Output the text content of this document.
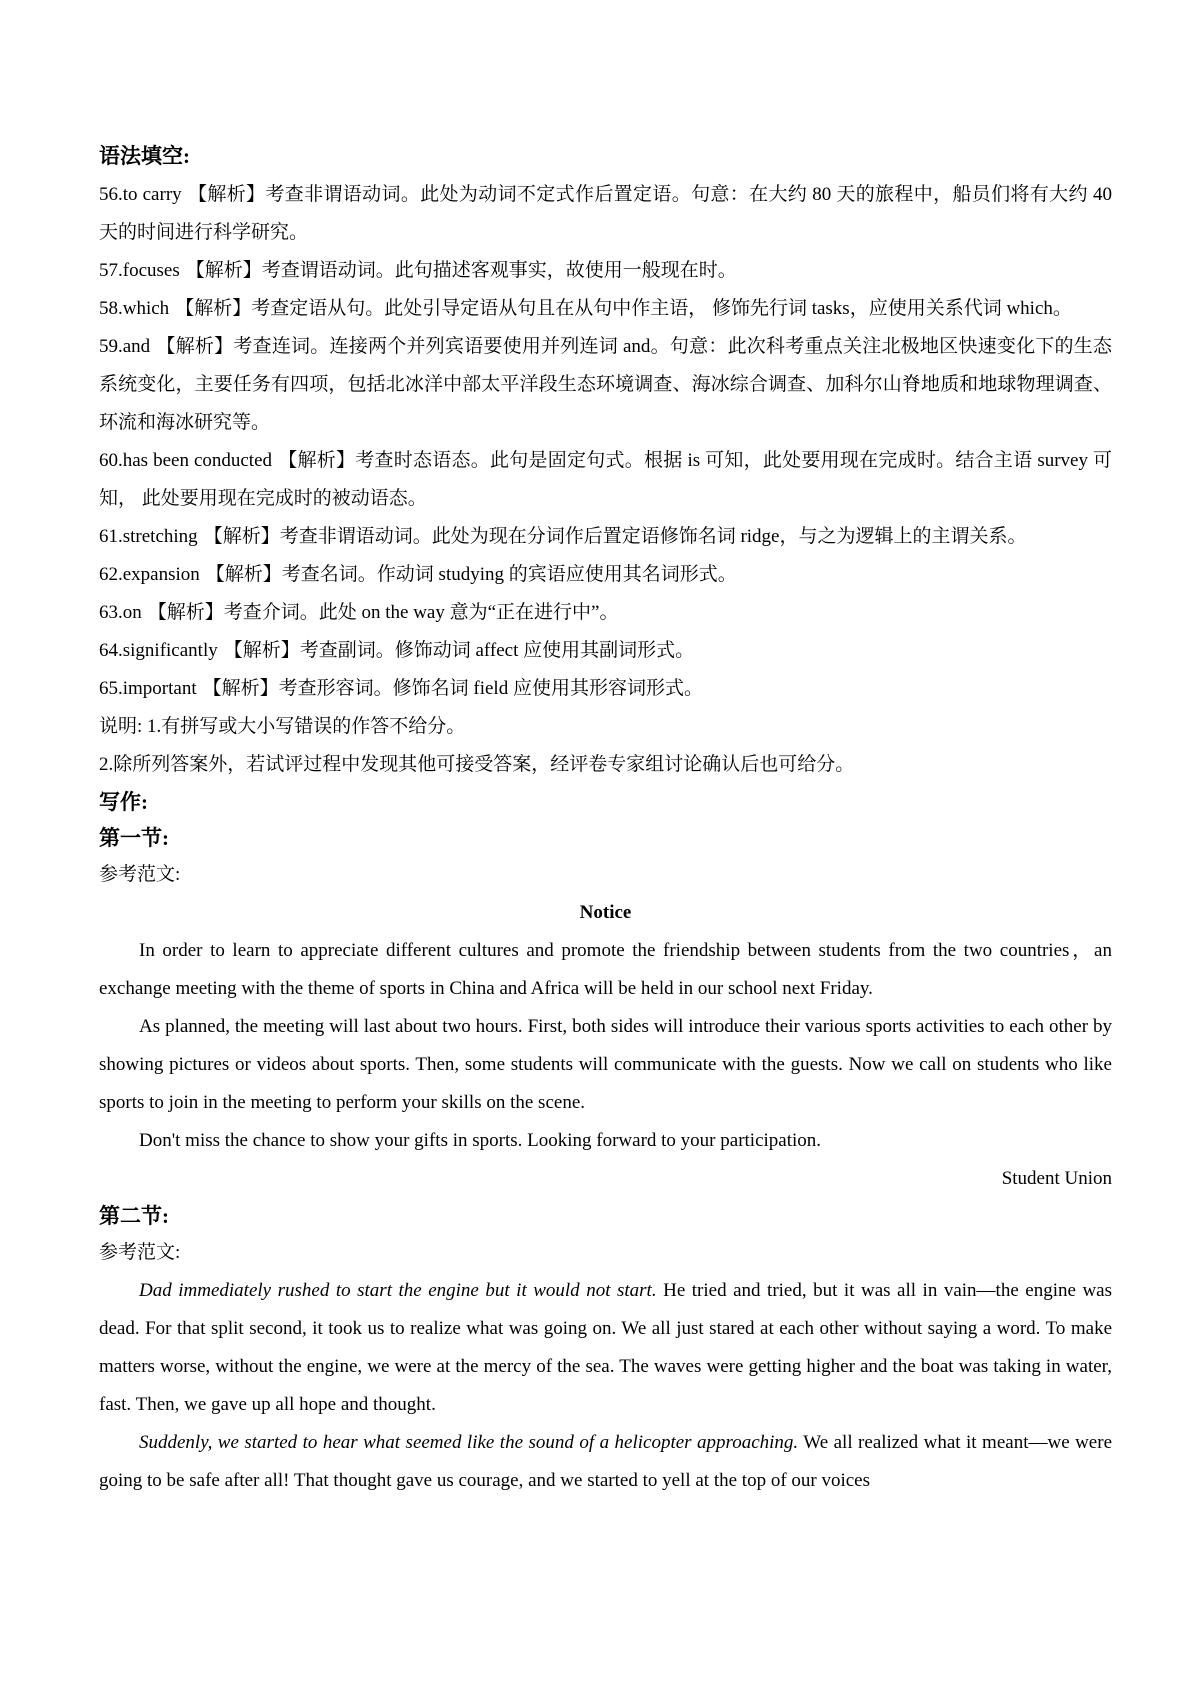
语法填空:

56.to carry 【解析】考查非谓语动词。此处为动词不定式作后置定语。句意：在大约 80 天的旅程中，船员们将有大约 40 天的时间进行科学研究。

57.focuses 【解析】考查谓语动词。此句描述客观事实，故使用一般现在时。

58.which 【解析】考查定语从句。此处引导定语从句且在从句中作主语， 修饰先行词 tasks，应使用关系代词 which。

59.and 【解析】考查连词。连接两个并列宾语要使用并列连词 and。句意：此次科考重点关注北极地区快速变化下的生态系统变化，主要任务有四项，包括北冰洋中部太平洋段生态环境调查、海冰综合调查、加科尔山脊地质和地球物理调查、环流和海冰研究等。

60.has been conducted 【解析】考查时态语态。此句是固定句式。根据 is 可知，此处要用现在完成时。结合主语 survey 可知， 此处要用现在完成时的被动语态。

61.stretching 【解析】考查非谓语动词。此处为现在分词作后置定语修饰名词 ridge，与之为逻辑上的主谓关系。

62.expansion 【解析】考查名词。作动词 studying 的宾语应使用其名词形式。

63.on 【解析】考查介词。此处 on the way 意为“正在进行中”。

64.significantly 【解析】考查副词。修饰动词 affect 应使用其副词形式。

65.important 【解析】考查形容词。修饰名词 field 应使用其形容词形式。

说明: 1.有拼写或大小写错误的作答不给分。

2.除所列答案外，若试评过程中发现其他可接受答案，经评卷专家组讨论确认后也可给分。

写作:

第一节:

参考范文:

Notice

In order to learn to appreciate different cultures and promote the friendship between students from the two countries，an exchange meeting with the theme of sports in China and Africa will be held in our school next Friday.

As planned, the meeting will last about two hours. First, both sides will introduce their various sports activities to each other by showing pictures or videos about sports. Then, some students will communicate with the guests. Now we call on students who like sports to join in the meeting to perform your skills on the scene.

Don't miss the chance to show your gifts in sports. Looking forward to your participation.

Student Union

第二节:

参考范文:

Dad immediately rushed to start the engine but it would not start. He tried and tried, but it was all in vain—the engine was dead. For that split second, it took us to realize what was going on. We all just stared at each other without saying a word. To make matters worse, without the engine, we were at the mercy of the sea. The waves were getting higher and the boat was taking in water, fast. Then, we gave up all hope and thought.

Suddenly, we started to hear what seemed like the sound of a helicopter approaching. We all realized what it meant—we were going to be safe after all! That thought gave us courage, and we started to yell at the top of our voices
